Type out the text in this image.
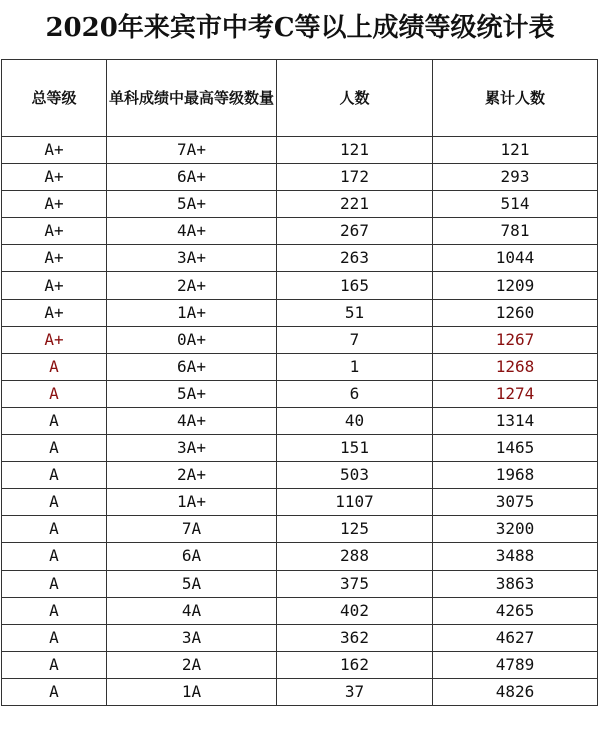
2020年来宾市中考C等以上成绩等级统计表
总等级	单科成绩中最高等级数量	人数	累计人数
A+	7A+	121	121
A+	6A+	172	293
A+	5A+	221	514
A+	4A+	267	781
A+	3A+	263	1044
A+	2A+	165	1209
A+	1A+	51	1260
A+	0A+	7	1267
A	6A+	1	1268
A	5A+	6	1274
A	4A+	40	1314
A	3A+	151	1465
A	2A+	503	1968
A	1A+	1107	3075
A	7A	125	3200
A	6A	288	3488
A	5A	375	3863
A	4A	402	4265
A	3A	362	4627
A	2A	162	4789
A	1A	37	4826
